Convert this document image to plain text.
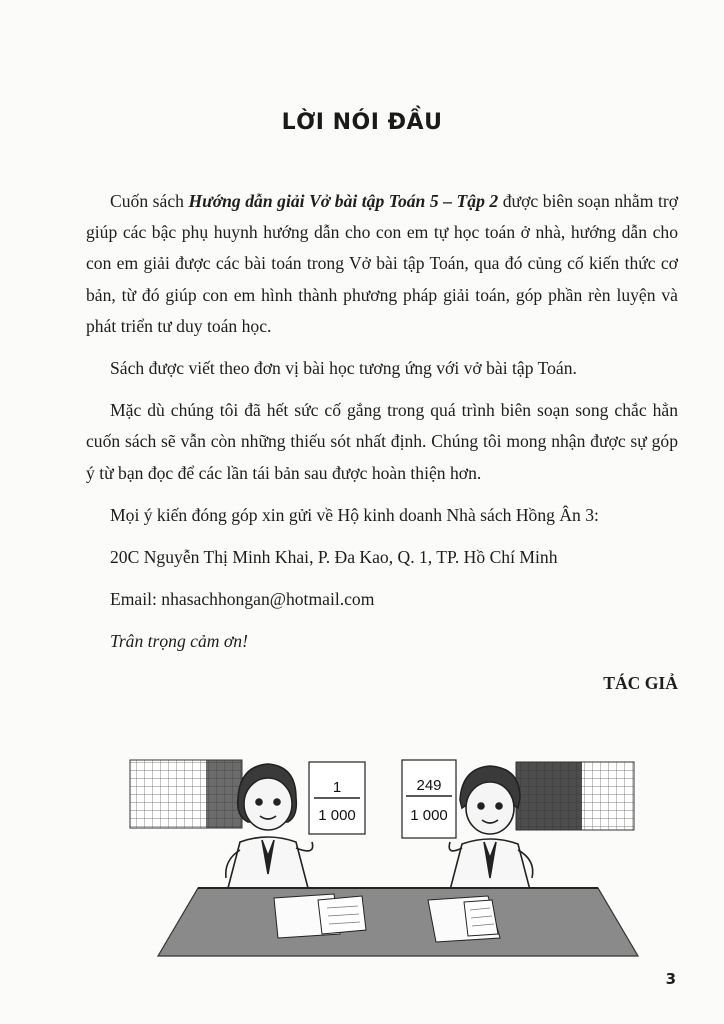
LỜI NÓI ĐẦU

Cuốn sách Hướng dẫn giải Vở bài tập Toán 5 – Tập 2 được biên soạn nhằm trợ giúp các bậc phụ huynh hướng dẫn cho con em tự học toán ở nhà, hướng dẫn cho con em giải được các bài toán trong Vở bài tập Toán, qua đó củng cố kiến thức cơ bản, từ đó giúp con em hình thành phương pháp giải toán, góp phần rèn luyện và phát triển tư duy toán học.

Sách được viết theo đơn vị bài học tương ứng với vở bài tập Toán.

Mặc dù chúng tôi đã hết sức cố gắng trong quá trình biên soạn song chắc hẳn cuốn sách sẽ vẫn còn những thiếu sót nhất định. Chúng tôi mong nhận được sự góp ý từ bạn đọc để các lần tái bản sau được hoàn thiện hơn.

Mọi ý kiến đóng góp xin gửi về Hộ kinh doanh Nhà sách Hồng Ân 3:

20C Nguyễn Thị Minh Khai, P. Đa Kao, Q. 1, TP. Hồ Chí Minh

Email: nhasachhongan@hotmail.com

Trân trọng cảm ơn!

TÁC GIẢ
1
1 000
249
1 000
3
